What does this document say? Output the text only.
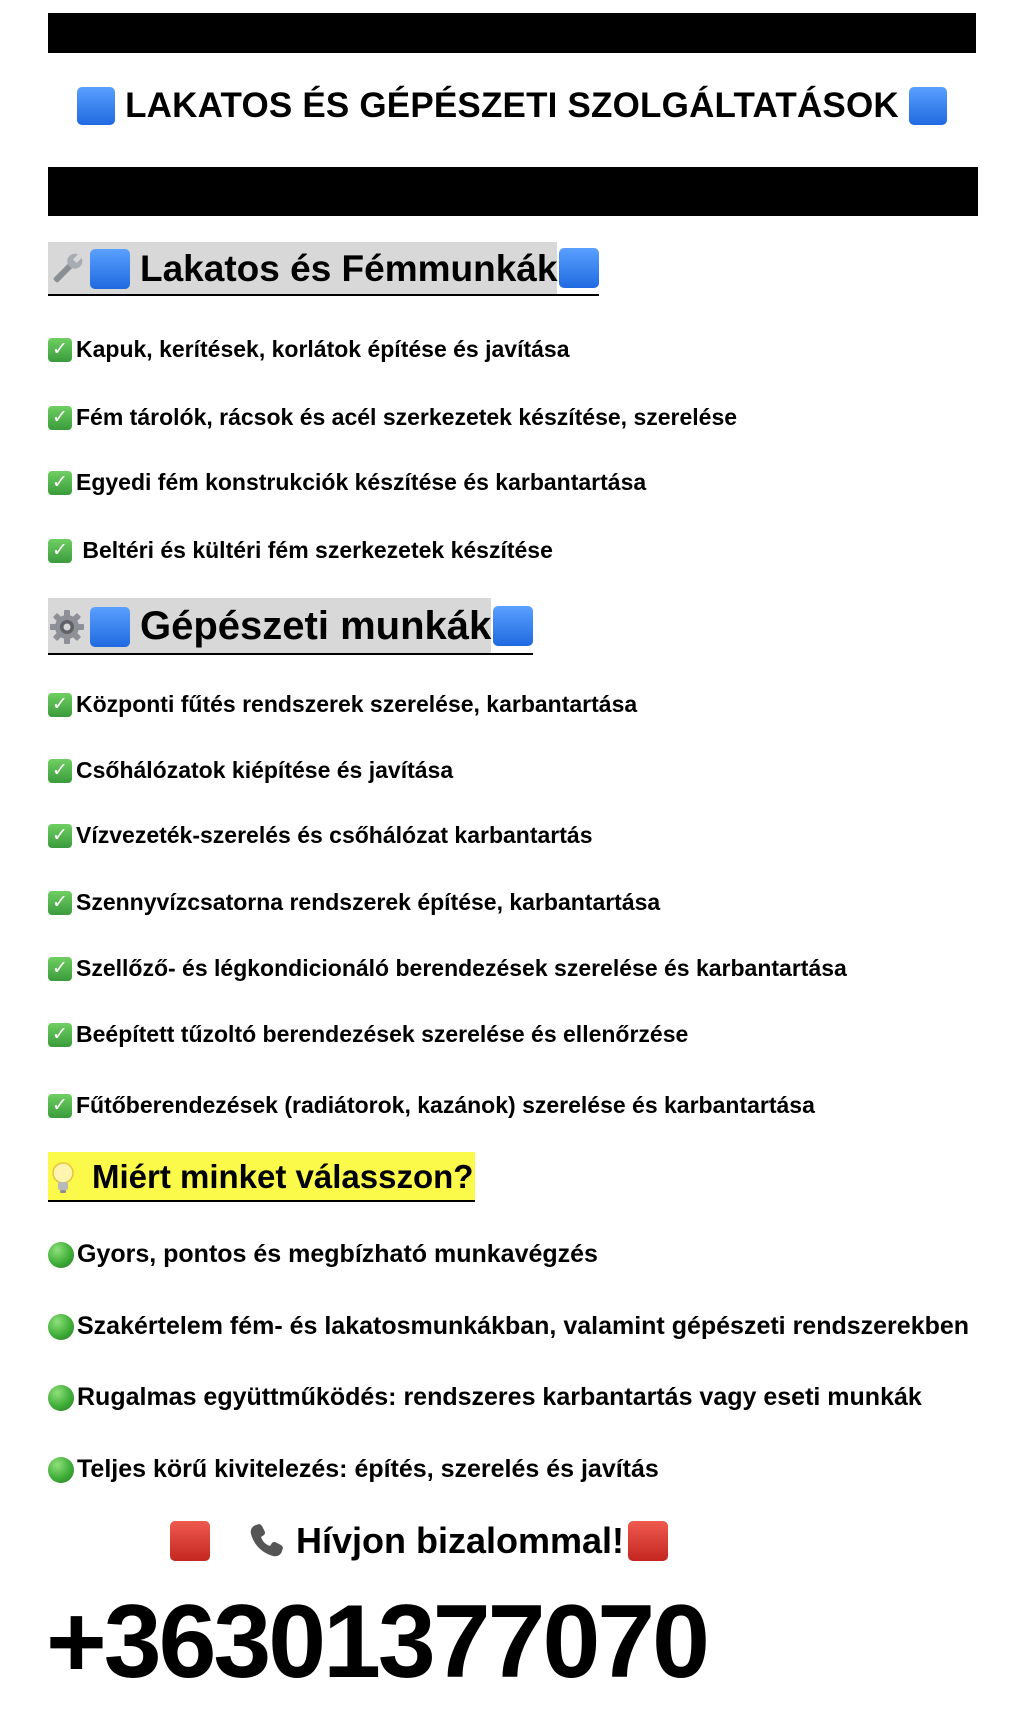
LAKATOS ÉS GÉPÉSZETI SZOLGÁLTATÁSOK
Lakatos és Fémmunkák
✓ Kapuk, kerítések, korlátok építése és javítása
✓ Fém tárolók, rácsok és acél szerkezetek készítése, szerelése
✓ Egyedi fém konstrukciók készítése és karbantartása
✓ Beltéri és kültéri fém szerkezetek készítése
Gépészeti munkák
✓ Központi fűtés rendszerek szerelése, karbantartása
✓ Csőhálózatok kiépítése és javítása
✓ Vízvezeték-szerelés és csőhálózat karbantartás
✓ Szennyvízcsatorna rendszerek építése, karbantartása
✓ Szellőző- és légkondicionáló berendezések szerelése és karbantartása
✓ Beépített tűzoltó berendezések szerelése és ellenőrzése
✓ Fűtőberendezések (radiátorok, kazánok) szerelése és karbantartása
Miért minket válasszon?
Gyors, pontos és megbízható munkavégzés
Szakértelem fém- és lakatosmunkákban, valamint gépészeti rendszerekben
Rugalmas együttműködés: rendszeres karbantartás vagy eseti munkák
Teljes körű kivitelezés: építés, szerelés és javítás
Hívjon bizalommal!
+36301377070
